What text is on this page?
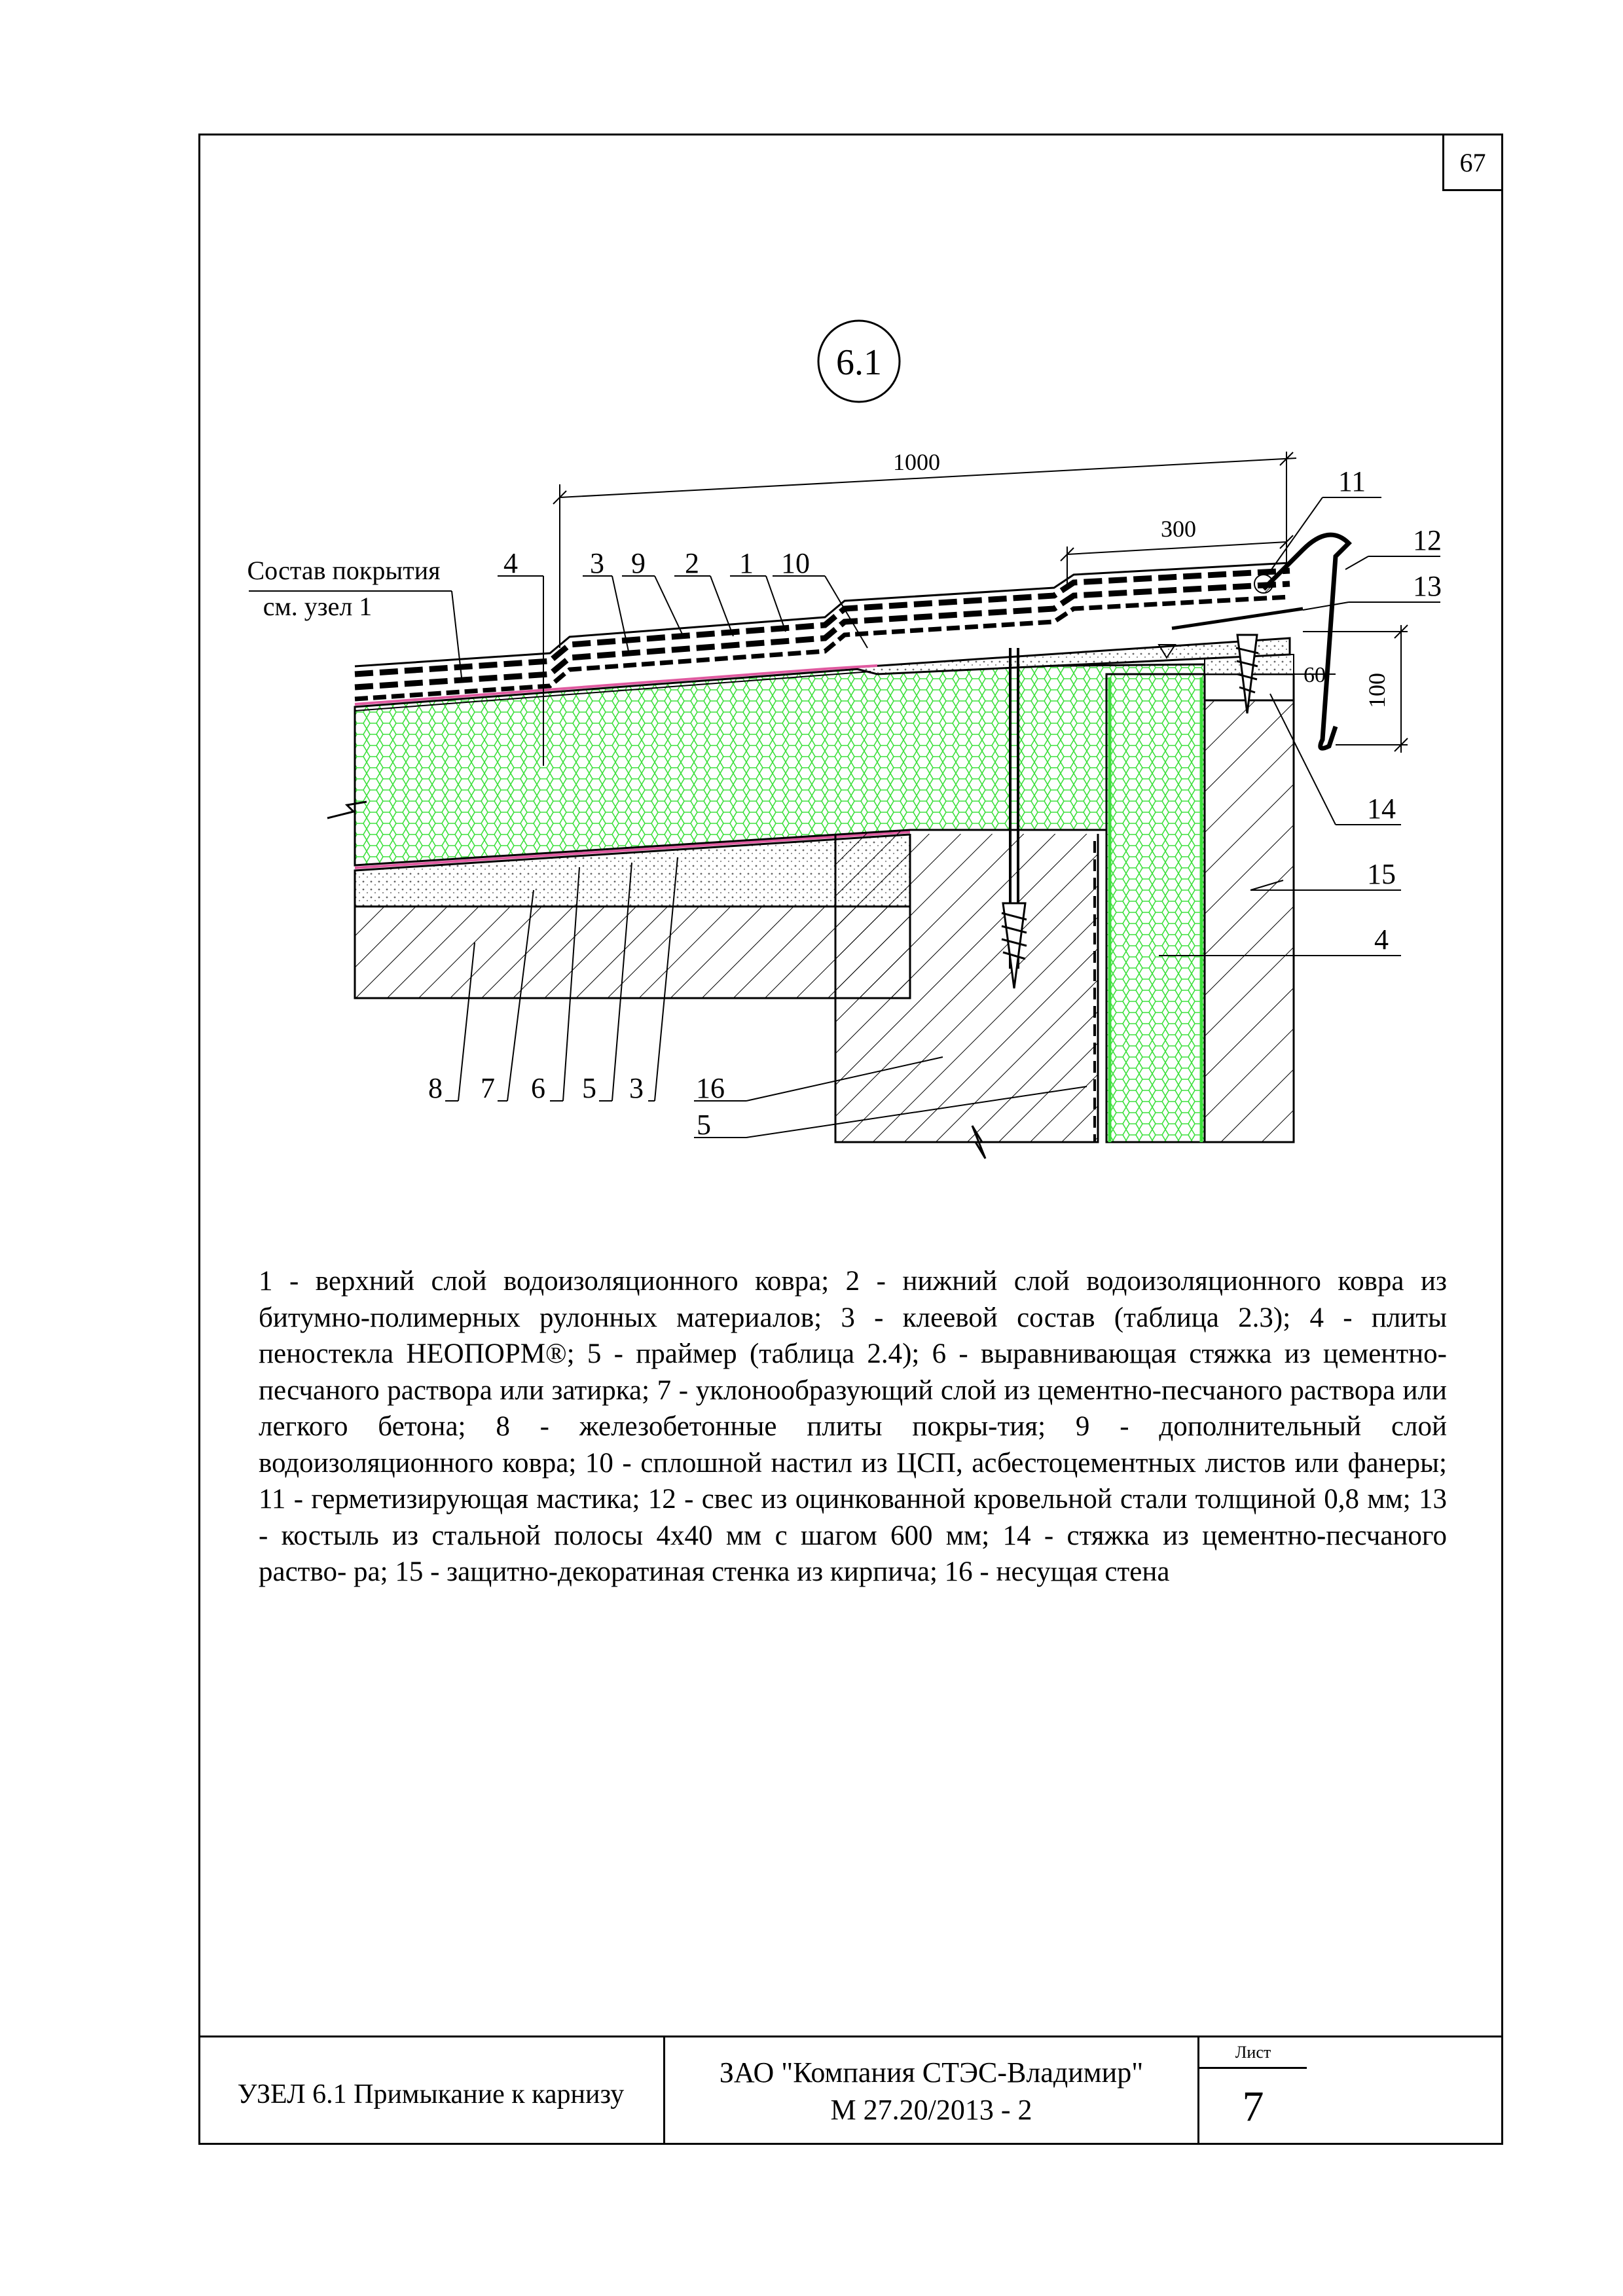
67
6.1
1000
300
100
60
4	3 9 2 1 10
11
12
13
14
15
4
8 7 6 5 3 16
5
Состав покрытия
см. узел 1
1 - верхний слой водоизоляционного ковра; 2 - нижний слой водоизоляционного ковра из битумно-полимерных рулонных материалов; 3 - клеевой состав (таблица 2.3); 4 - плиты пеностекла НЕОПОРМ®; 5 - праймер (таблица 2.4); 6 - выравнивающая стяжка из цементно-песчаного раствора или затирка; 7 - уклонообразующий слой из цементно-песчаного раствора или легкого бетона; 8 - железобетонные плиты покры-тия; 9 - дополнительный слой водоизоляционного ковра; 10 - сплошной настил из ЦСП, асбестоцементных листов или фанеры; 11 - герметизирующая мастика; 12 - свес из оцинкованной кровельной стали толщиной 0,8 мм; 13 - костыль из стальной полосы 4х40 мм с шагом 600 мм; 14 - стяжка из цементно-песчаного раство- ра; 15 - защитно-декоратиная стенка из кирпича; 16 - несущая стена
УЗЕЛ 6.1 Примыкание к карнизу
ЗАО "Компания СТЭС-Владимир"
М 27.20/2013 - 2
Лист
7
